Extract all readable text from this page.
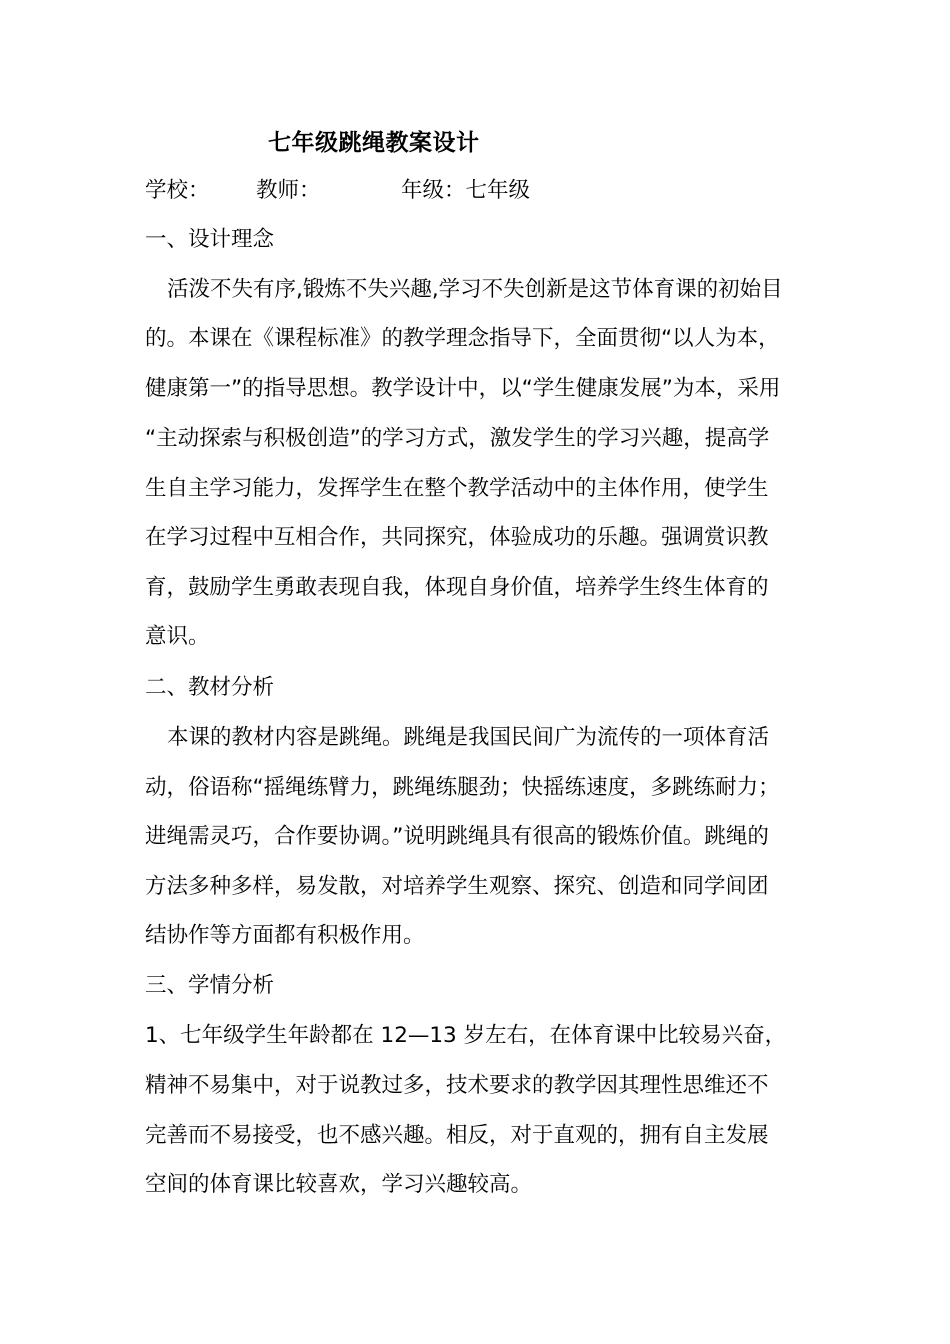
七年级跳绳教案设计
学校： 教师：	年级：七年级
一、设计理念
活泼不失有序,锻炼不失兴趣,学习不失创新是这节体育课的初始目
的。本课在《课程标准》的教学理念指导下，全面贯彻“以人为本，
健康第一”的指导思想。教学设计中，以“学生健康发展”为本，采用
“主动探索与积极创造”的学习方式，激发学生的学习兴趣，提高学
生自主学习能力，发挥学生在整个教学活动中的主体作用，使学生
在学习过程中互相合作，共同探究，体验成功的乐趣。强调赏识教
育，鼓励学生勇敢表现自我，体现自身价值，培养学生终生体育的
意识。
二、教材分析
本课的教材内容是跳绳。跳绳是我国民间广为流传的一项体育活
动，俗语称“摇绳练臂力，跳绳练腿劲；快摇练速度，多跳练耐力；
进绳需灵巧，合作要协调。”说明跳绳具有很高的锻炼价值。跳绳的
方法多种多样，易发散，对培养学生观察、探究、创造和同学间团
结协作等方面都有积极作用。
三、学情分析
1、七年级学生年龄都在 12—13 岁左右，在体育课中比较易兴奋，
精神不易集中，对于说教过多，技术要求的教学因其理性思维还不
完善而不易接受，也不感兴趣。相反，对于直观的，拥有自主发展
空间的体育课比较喜欢，学习兴趣较高。
